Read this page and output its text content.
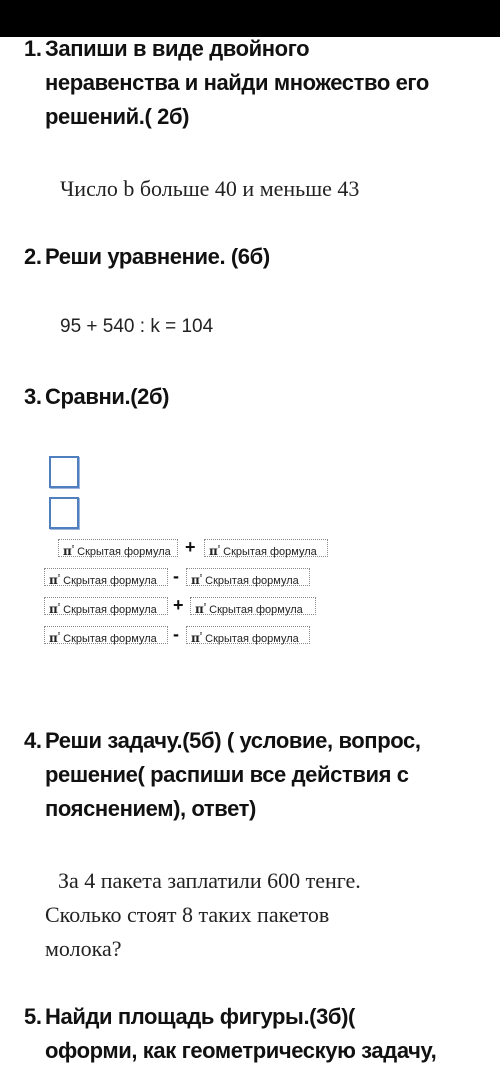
1. Запиши в виде двойного
неравенства и найди множество его
решений.( 2б)
Число b больше 40 и меньше 43
2. Реши уравнение. (6б)
95 + 540 : k = 104
3. Сравни.(2б)
$\pi^{^2}$ Скрытая формула +	$\pi^{^2}$ Скрытая формула
$\pi^{^2}$ Скрытая формула -	$\pi^{^2}$ Скрытая формула
$\pi^{^2}$ Скрытая формула + $\pi^{^2}$ Скрытая формула
$\pi^{^2}$ Скрытая формула -	$\pi^{^2}$ Скрытая формула
4. Реши задачу.(5б) ( условие, вопрос,
решение( распиши все действия с
пояснением), ответ)
За 4 пакета заплатили 600 тенге.
Сколько стоят 8 таких пакетов
молока?
5. Найди площадь фигуры.(3б)(
оформи, как геометрическую задачу,
